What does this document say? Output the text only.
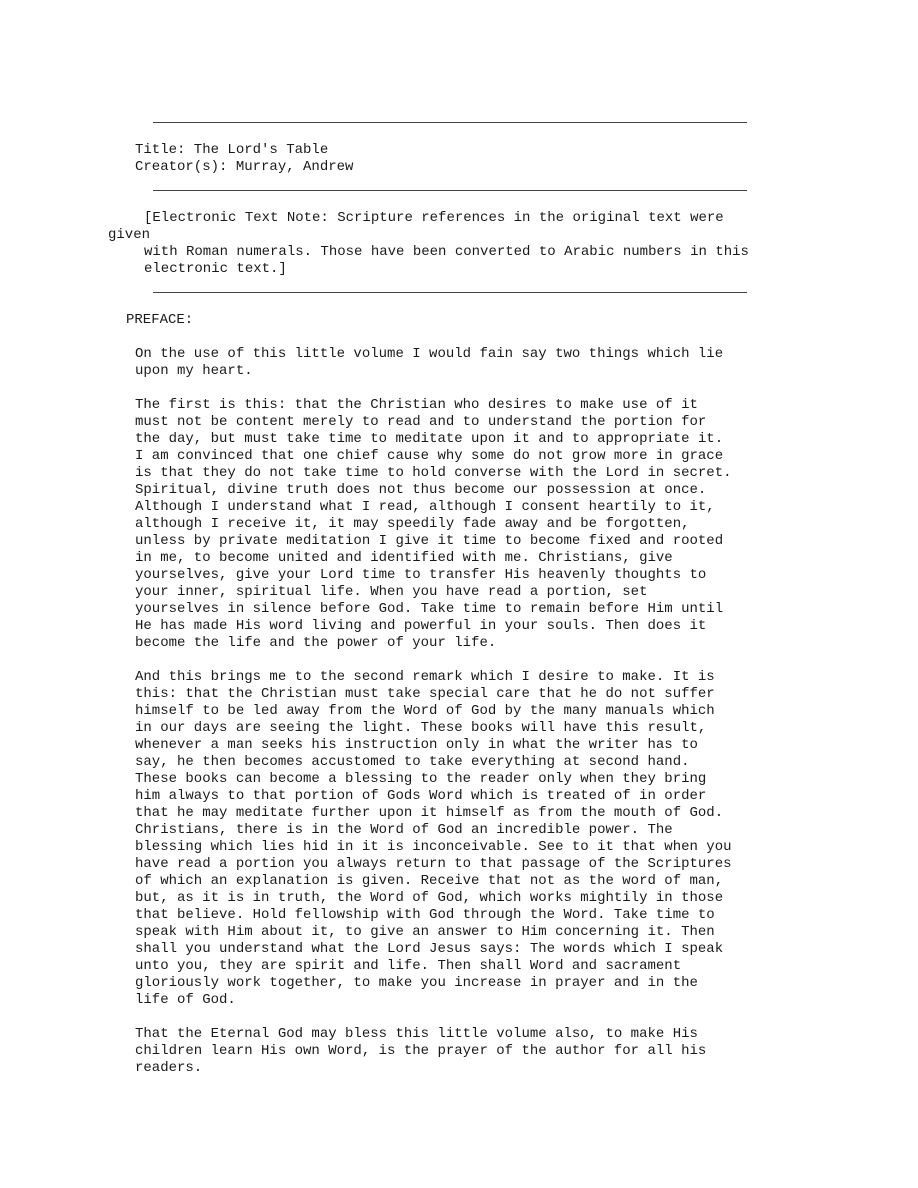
Title: The Lord's Table
Creator(s): Murray, Andrew
[Electronic Text Note: Scripture references in the original text were
given
with Roman numerals. Those have been converted to Arabic numbers in this
electronic text.]
PREFACE:
On the use of this little volume I would fain say two things which lie
upon my heart.
The first is this: that the Christian who desires to make use of it
must not be content merely to read and to understand the portion for
the day, but must take time to meditate upon it and to appropriate it.
I am convinced that one chief cause why some do not grow more in grace
is that they do not take time to hold converse with the Lord in secret.
Spiritual, divine truth does not thus become our possession at once.
Although I understand what I read, although I consent heartily to it,
although I receive it, it may speedily fade away and be forgotten,
unless by private meditation I give it time to become fixed and rooted
in me, to become united and identified with me. Christians, give
yourselves, give your Lord time to transfer His heavenly thoughts to
your inner, spiritual life. When you have read a portion, set
yourselves in silence before God. Take time to remain before Him until
He has made His word living and powerful in your souls. Then does it
become the life and the power of your life.
And this brings me to the second remark which I desire to make. It is
this: that the Christian must take special care that he do not suffer
himself to be led away from the Word of God by the many manuals which
in our days are seeing the light. These books will have this result,
whenever a man seeks his instruction only in what the writer has to
say, he then becomes accustomed to take everything at second hand.
These books can become a blessing to the reader only when they bring
him always to that portion of Gods Word which is treated of in order
that he may meditate further upon it himself as from the mouth of God.
Christians, there is in the Word of God an incredible power. The
blessing which lies hid in it is inconceivable. See to it that when you
have read a portion you always return to that passage of the Scriptures
of which an explanation is given. Receive that not as the word of man,
but, as it is in truth, the Word of God, which works mightily in those
that believe. Hold fellowship with God through the Word. Take time to
speak with Him about it, to give an answer to Him concerning it. Then
shall you understand what the Lord Jesus says: The words which I speak
unto you, they are spirit and life. Then shall Word and sacrament
gloriously work together, to make you increase in prayer and in the
life of God.
That the Eternal God may bless this little volume also, to make His
children learn His own Word, is the prayer of the author for all his
readers.
